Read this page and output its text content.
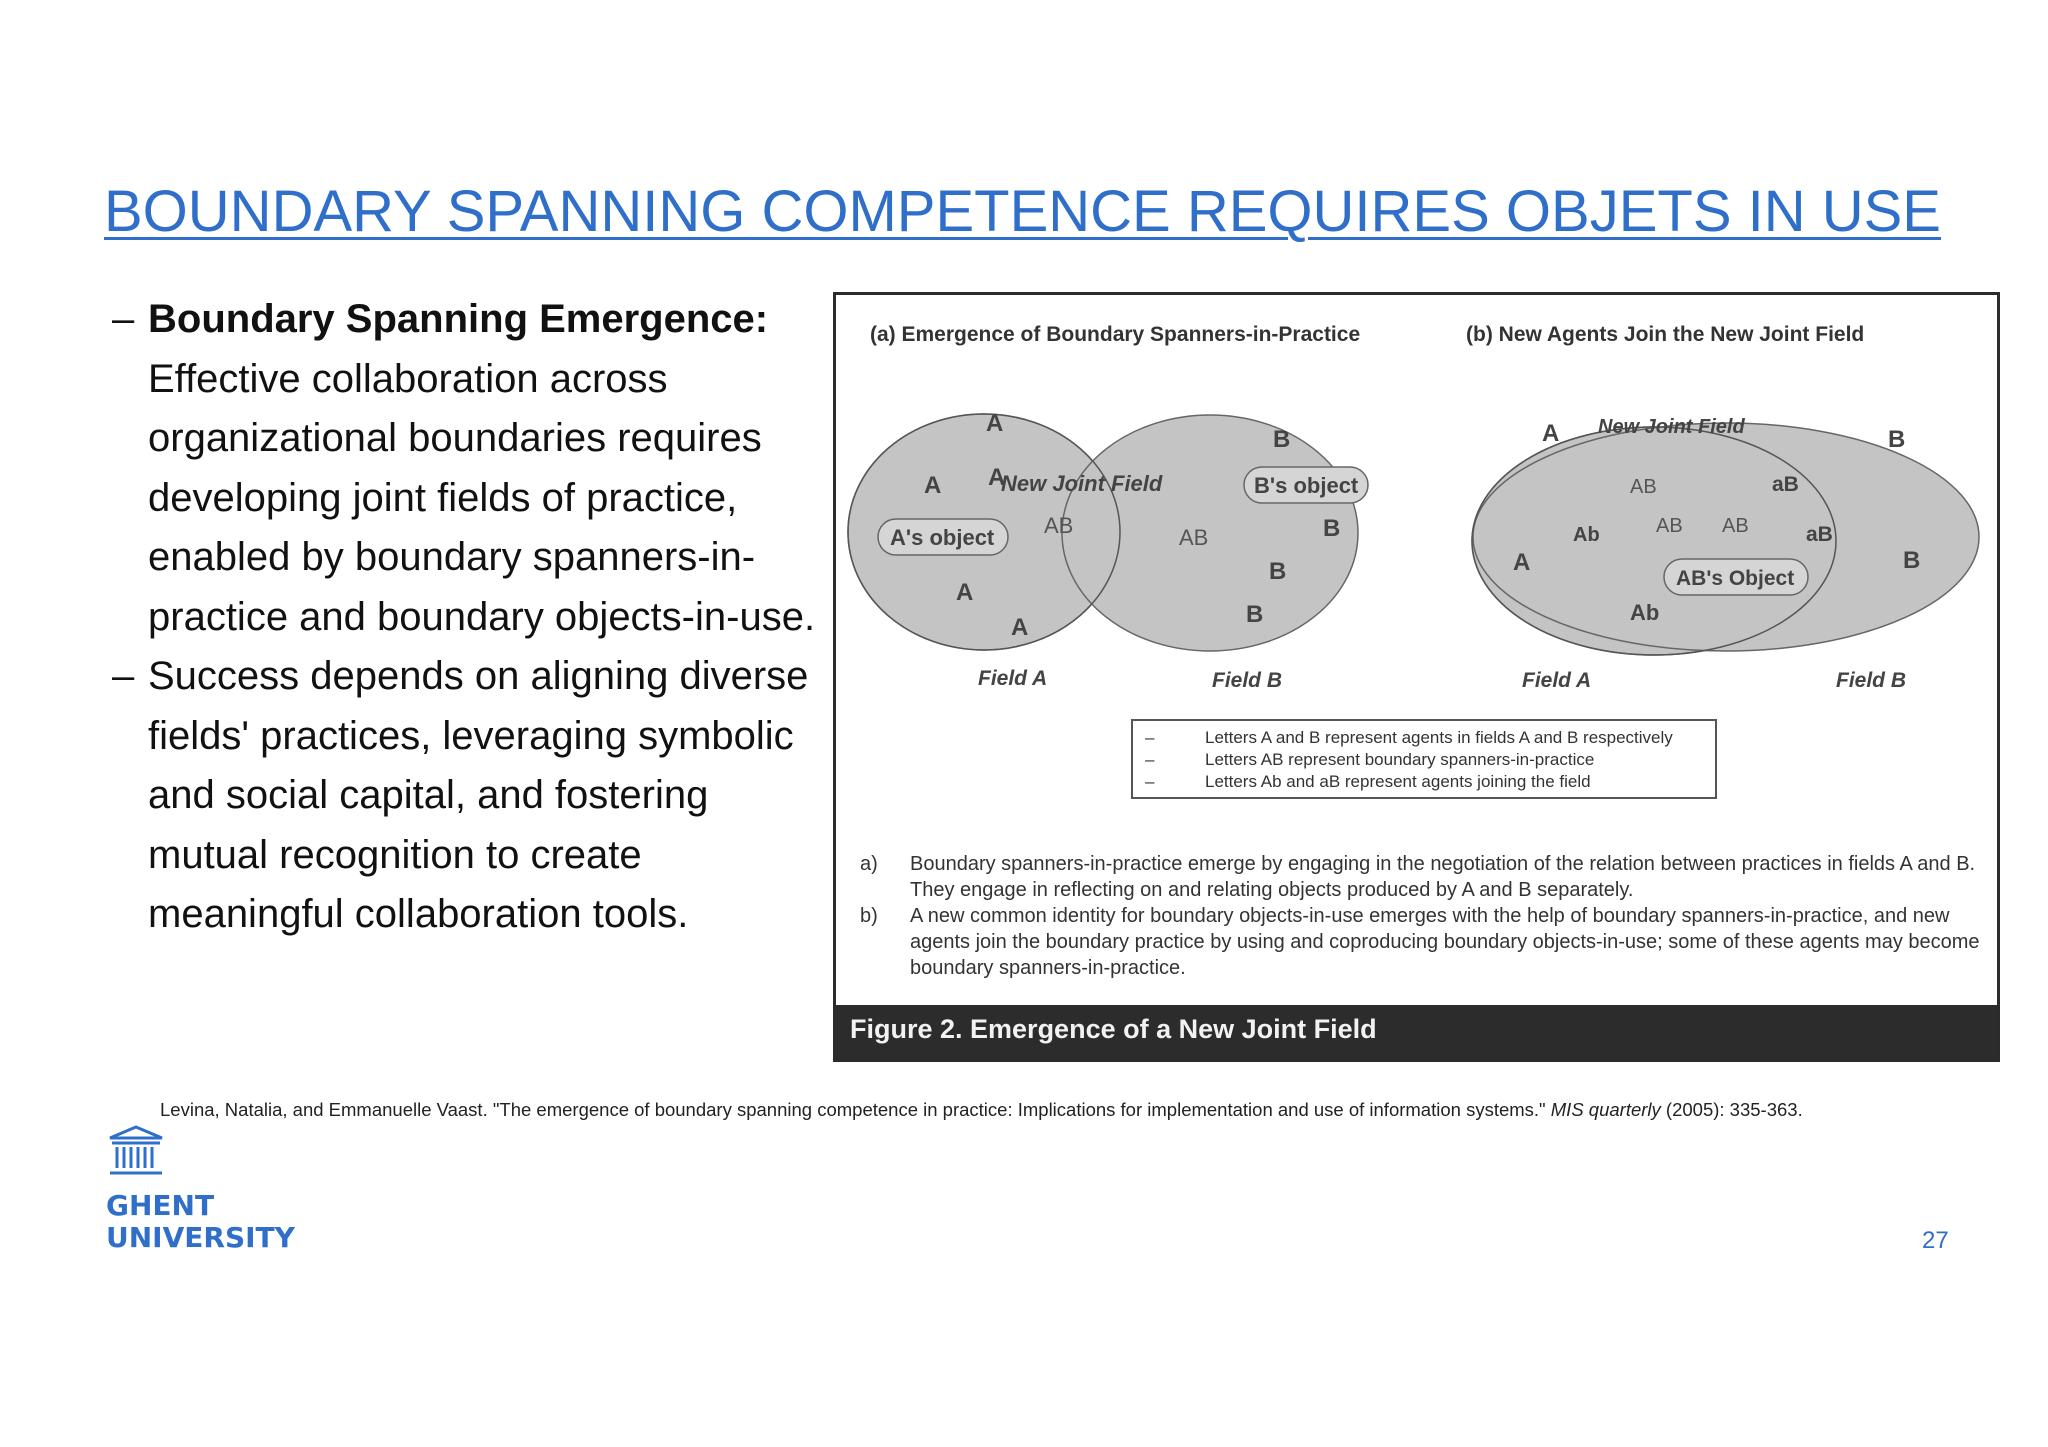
BOUNDARY SPANNING COMPETENCE REQUIRES OBJETS IN USE

– Boundary Spanning Emergence: Effective collaboration across organizational boundaries requires developing joint fields of practice, enabled by boundary spanners-in-practice and boundary objects-in-use.

– Success depends on aligning diverse fields' practices, leveraging symbolic and social capital, and fostering mutual recognition to create meaningful collaboration tools.

(a) Emergence of Boundary Spanners-in-Practice	(b) New Agents Join the New Joint Field
A
A A
A
A
New Joint Field
AB	AB
B
B
B
B
A's object
B's object
Field A	Field B
New Joint Field
A
A
B
B
AB
AB AB
Ab
Ab
aB
aB
AB's Object
Field A	Field B
–	Letters A and B represent agents in fields A and B respectively
–	Letters AB represent boundary spanners-in-practice
–	Letters Ab and aB represent agents joining the field
a) Boundary spanners-in-practice emerge by engaging in the negotiation of the relation between practices in fields A and B. They engage in reflecting on and relating objects produced by A and B separately.
b) A new common identity for boundary objects-in-use emerges with the help of boundary spanners-in-practice, and new agents join the boundary practice by using and coproducing boundary objects-in-use; some of these agents may become boundary spanners-in-practice.
Figure 2. Emergence of a New Joint Field
Levina, Natalia, and Emmanuelle Vaast. "The emergence of boundary spanning competence in practice: Implications for implementation and use of information systems." MIS quarterly (2005): 335-363.
GHENT
UNIVERSITY	27
